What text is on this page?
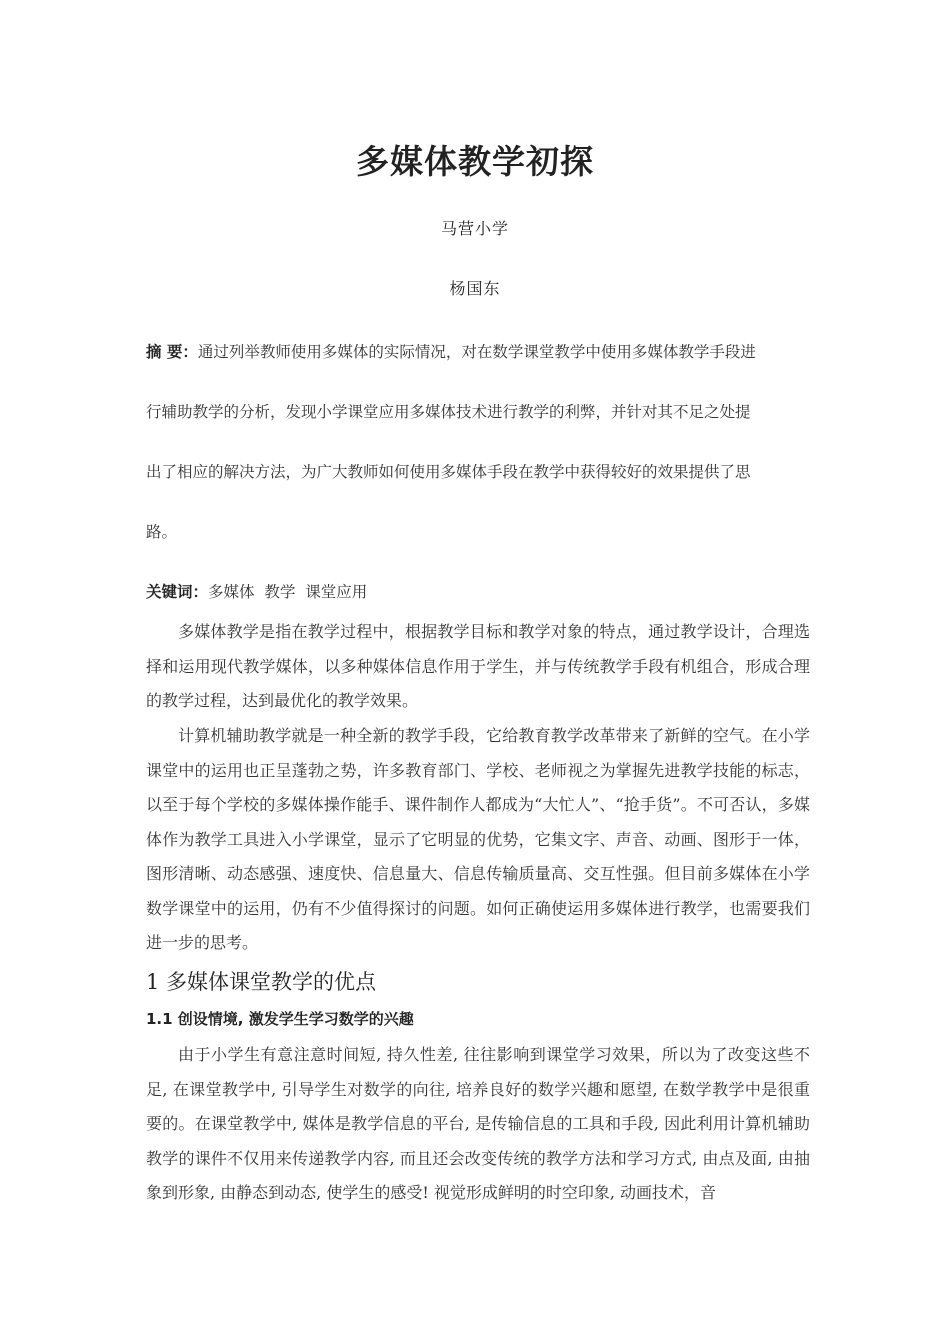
多媒体教学初探
马营小学
杨国东
摘 要：通过列举教师使用多媒体的实际情况，对在数学课堂教学中使用多媒体教学手段进
行辅助教学的分析，发现小学课堂应用多媒体技术进行教学的利弊，并针对其不足之处提
出了相应的解决方法，为广大教师如何使用多媒体手段在教学中获得较好的效果提供了思
路。
关键词：多媒体  教学  课堂应用

多媒体教学是指在教学过程中，根据教学目标和教学对象的特点，通过教学设计，合理选择和运用现代教学媒体，以多种媒体信息作用于学生，并与传统教学手段有机组合，形成合理的教学过程，达到最优化的教学效果。

计算机辅助教学就是一种全新的教学手段，它给教育教学改革带来了新鲜的空气。在小学课堂中的运用也正呈蓬勃之势，许多教育部门、学校、老师视之为掌握先进教学技能的标志，以至于每个学校的多媒体操作能手、课件制作人都成为“大忙人”、“抢手货”。不可否认，多媒体作为教学工具进入小学课堂，显示了它明显的优势，它集文字、声音、动画、图形于一体，图形清晰、动态感强、速度快、信息量大、信息传输质量高、交互性强。但目前多媒体在小学数学课堂中的运用，仍有不少值得探讨的问题。如何正确使运用多媒体进行教学，也需要我们进一步的思考。

1 多媒体课堂教学的优点
1.1 创设情境, 激发学生学习数学的兴趣

由于小学生有意注意时间短, 持久性差, 往往影响到课堂学习效果，所以为了改变这些不足, 在课堂教学中, 引导学生对数学的向往, 培养良好的数学兴趣和愿望, 在数学教学中是很重要的。在课堂教学中, 媒体是教学信息的平台, 是传输信息的工具和手段, 因此利用计算机辅助教学的课件不仅用来传递教学内容, 而且还会改变传统的教学方法和学习方式, 由点及面, 由抽象到形象, 由静态到动态, 使学生的感受! 视觉形成鲜明的时空印象, 动画技术，音
